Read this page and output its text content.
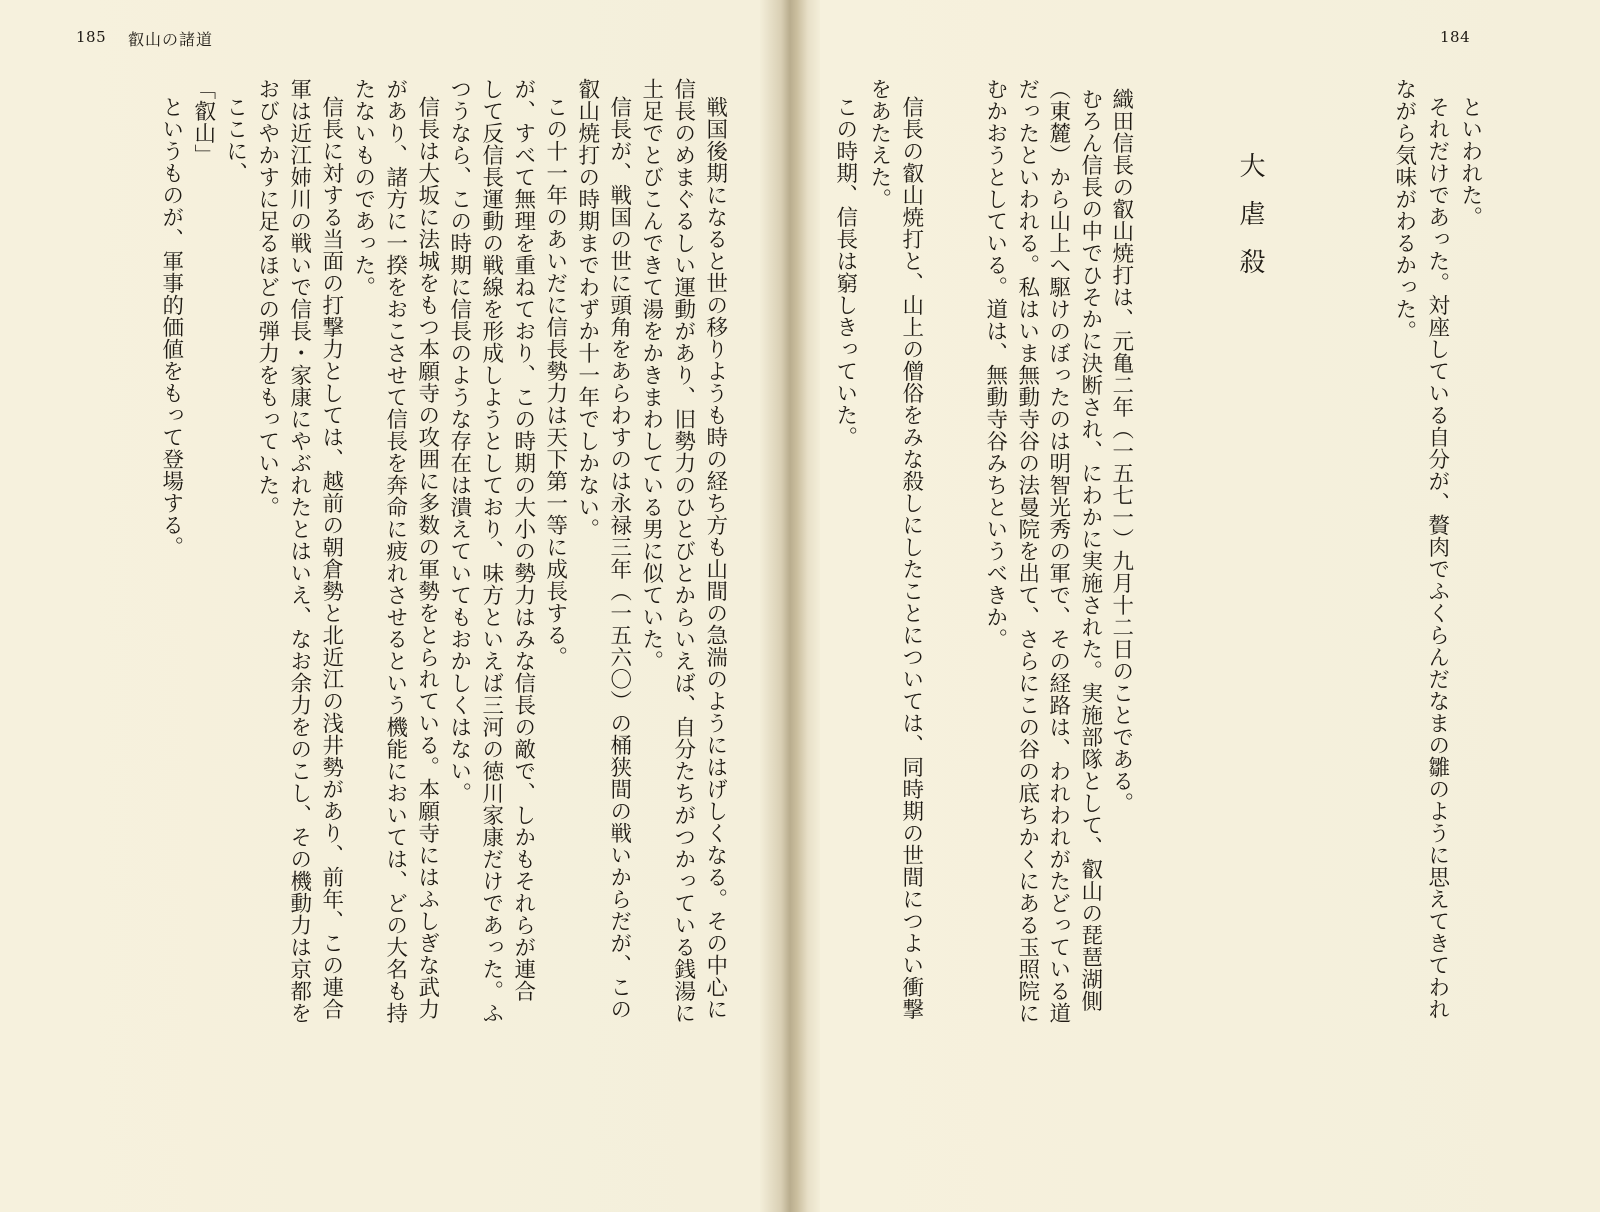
185 叡山の諸道	184
といわれた。
それだけであった。対座している自分が、贅肉でふくらんだなまの雛のように思えてきてわれ
ながら気味がわるかった。
大虐殺
織田信長の叡山焼打は、元亀二年（一五七一）九月十二日のことである。
むろん信長の中でひそかに決断され、にわかに実施された。実施部隊として、叡山の琵琶湖側
（東麓）から山上へ駆けのぼったのは明智光秀の軍で、その経路は、われわれがたどっている道
だったといわれる。私はいま無動寺谷の法曼院を出て、さらにこの谷の底ちかくにある玉照院に
むかおうとしている。道は、無動寺谷みちというべきか。
信長の叡山焼打と、山上の僧俗をみな殺しにしたことについては、同時期の世間につよい衝撃
をあたえた。
この時期、信長は窮しきっていた。
戦国後期になると世の移りようも時の経ち方も山間の急湍のようにはげしくなる。その中心に
信長のめまぐるしい運動があり、旧勢力のひとびとからいえば、自分たちがつかっている銭湯に
土足でとびこんできて湯をかきまわしている男に似ていた。
信長が、戦国の世に頭角をあらわすのは永禄三年（一五六〇）の桶狭間の戦いからだが、この
叡山焼打の時期までわずか十一年でしかない。
この十一年のあいだに信長勢力は天下第一等に成長する。
が、すべて無理を重ねており、この時期の大小の勢力はみな信長の敵で、しかもそれらが連合
して反信長運動の戦線を形成しようとしており、味方といえば三河の徳川家康だけであった。ふ
つうなら、この時期に信長のような存在は潰えていてもおかしくはない。
信長は大坂に法城をもつ本願寺の攻囲に多数の軍勢をとられている。本願寺にはふしぎな武力
があり、諸方に一揆をおこさせて信長を奔命に疲れさせるという機能においては、どの大名も持
たないものであった。
信長に対する当面の打撃力としては、越前の朝倉勢と北近江の浅井勢があり、前年、この連合
軍は近江姉川の戦いで信長・家康にやぶれたとはいえ、なお余力をのこし、その機動力は京都を
おびやかすに足るほどの弾力をもっていた。
ここに、
「叡山」
というものが、軍事的価値をもって登場する。
